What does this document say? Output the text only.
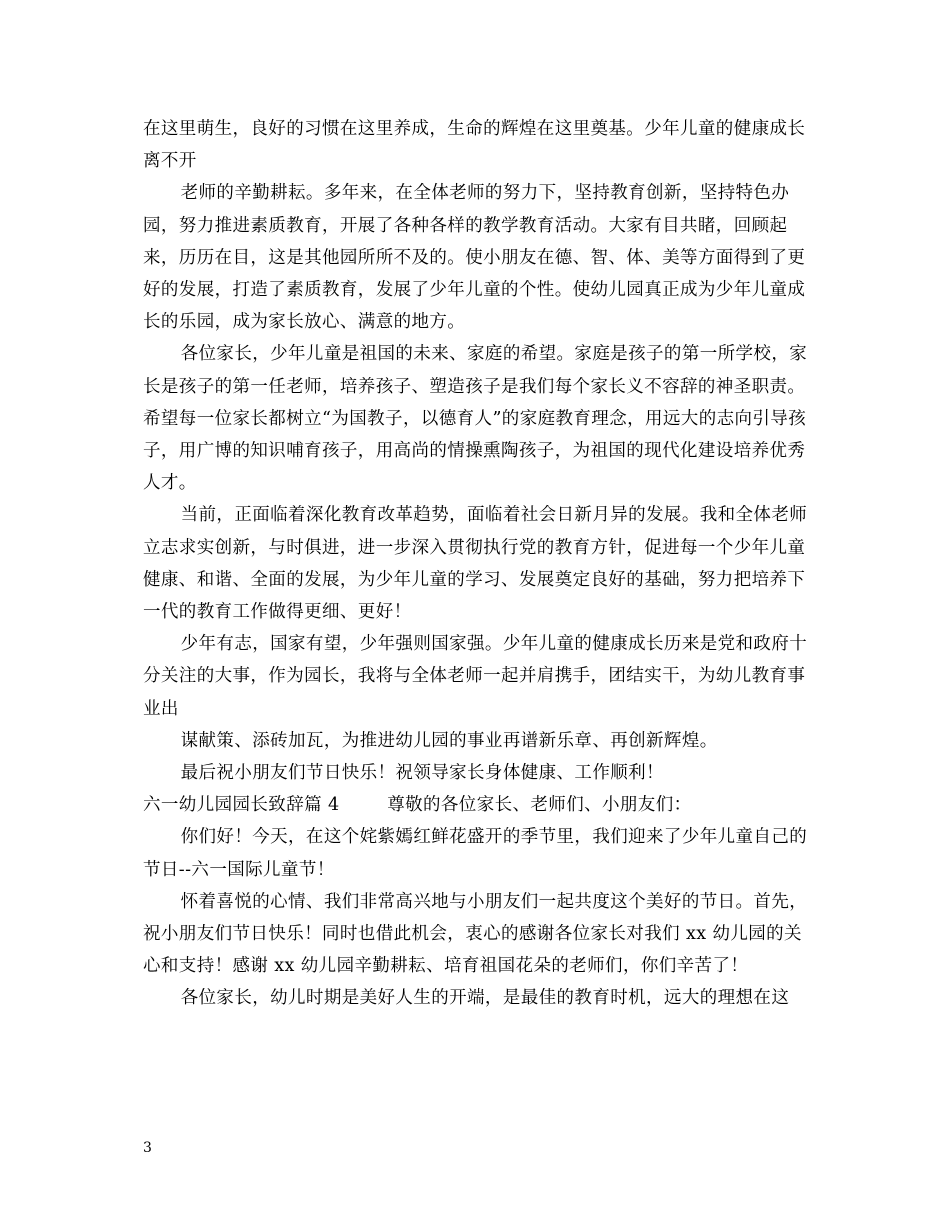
在这里萌生，良好的习惯在这里养成，生命的辉煌在这里奠基。少年儿童的健康成长离不开

老师的辛勤耕耘。多年来，在全体老师的努力下，坚持教育创新，坚持特色办园，努力推进素质教育，开展了各种各样的教学教育活动。大家有目共睹，回顾起来，历历在目，这是其他园所所不及的。使小朋友在德、智、体、美等方面得到了更好的发展，打造了素质教育，发展了少年儿童的个性。使幼儿园真正成为少年儿童成长的乐园，成为家长放心、满意的地方。

各位家长，少年儿童是祖国的未来、家庭的希望。家庭是孩子的第一所学校，家长是孩子的第一任老师，培养孩子、塑造孩子是我们每个家长义不容辞的神圣职责。希望每一位家长都树立“为国教子，以德育人”的家庭教育理念，用远大的志向引导孩子，用广博的知识哺育孩子，用高尚的情操熏陶孩子，为祖国的现代化建设培养优秀人才。

当前，正面临着深化教育改革趋势，面临着社会日新月异的发展。我和全体老师立志求实创新，与时俱进，进一步深入贯彻执行党的教育方针，促进每一个少年儿童健康、和谐、全面的发展，为少年儿童的学习、发展奠定良好的基础，努力把培养下一代的教育工作做得更细、更好！

少年有志，国家有望，少年强则国家强。少年儿童的健康成长历来是党和政府十分关注的大事，作为园长，我将与全体老师一起并肩携手，团结实干，为幼儿教育事业出

谋献策、添砖加瓦，为推进幼儿园的事业再谱新乐章、再创新辉煌。

最后祝小朋友们节日快乐！祝领导家长身体健康、工作顺利！

六一幼儿园园长致辞篇 4        尊敬的各位家长、老师们、小朋友们：

你们好！今天，在这个姹紫嫣红鲜花盛开的季节里，我们迎来了少年儿童自己的节日--六一国际儿童节！

怀着喜悦的心情、我们非常高兴地与小朋友们一起共度这个美好的节日。首先，祝小朋友们节日快乐！同时也借此机会，衷心的感谢各位家长对我们 xx 幼儿园的关心和支持！感谢 xx 幼儿园辛勤耕耘、培育祖国花朵的老师们，你们辛苦了！

各位家长，幼儿时期是美好人生的开端，是最佳的教育时机，远大的理想在这

3
